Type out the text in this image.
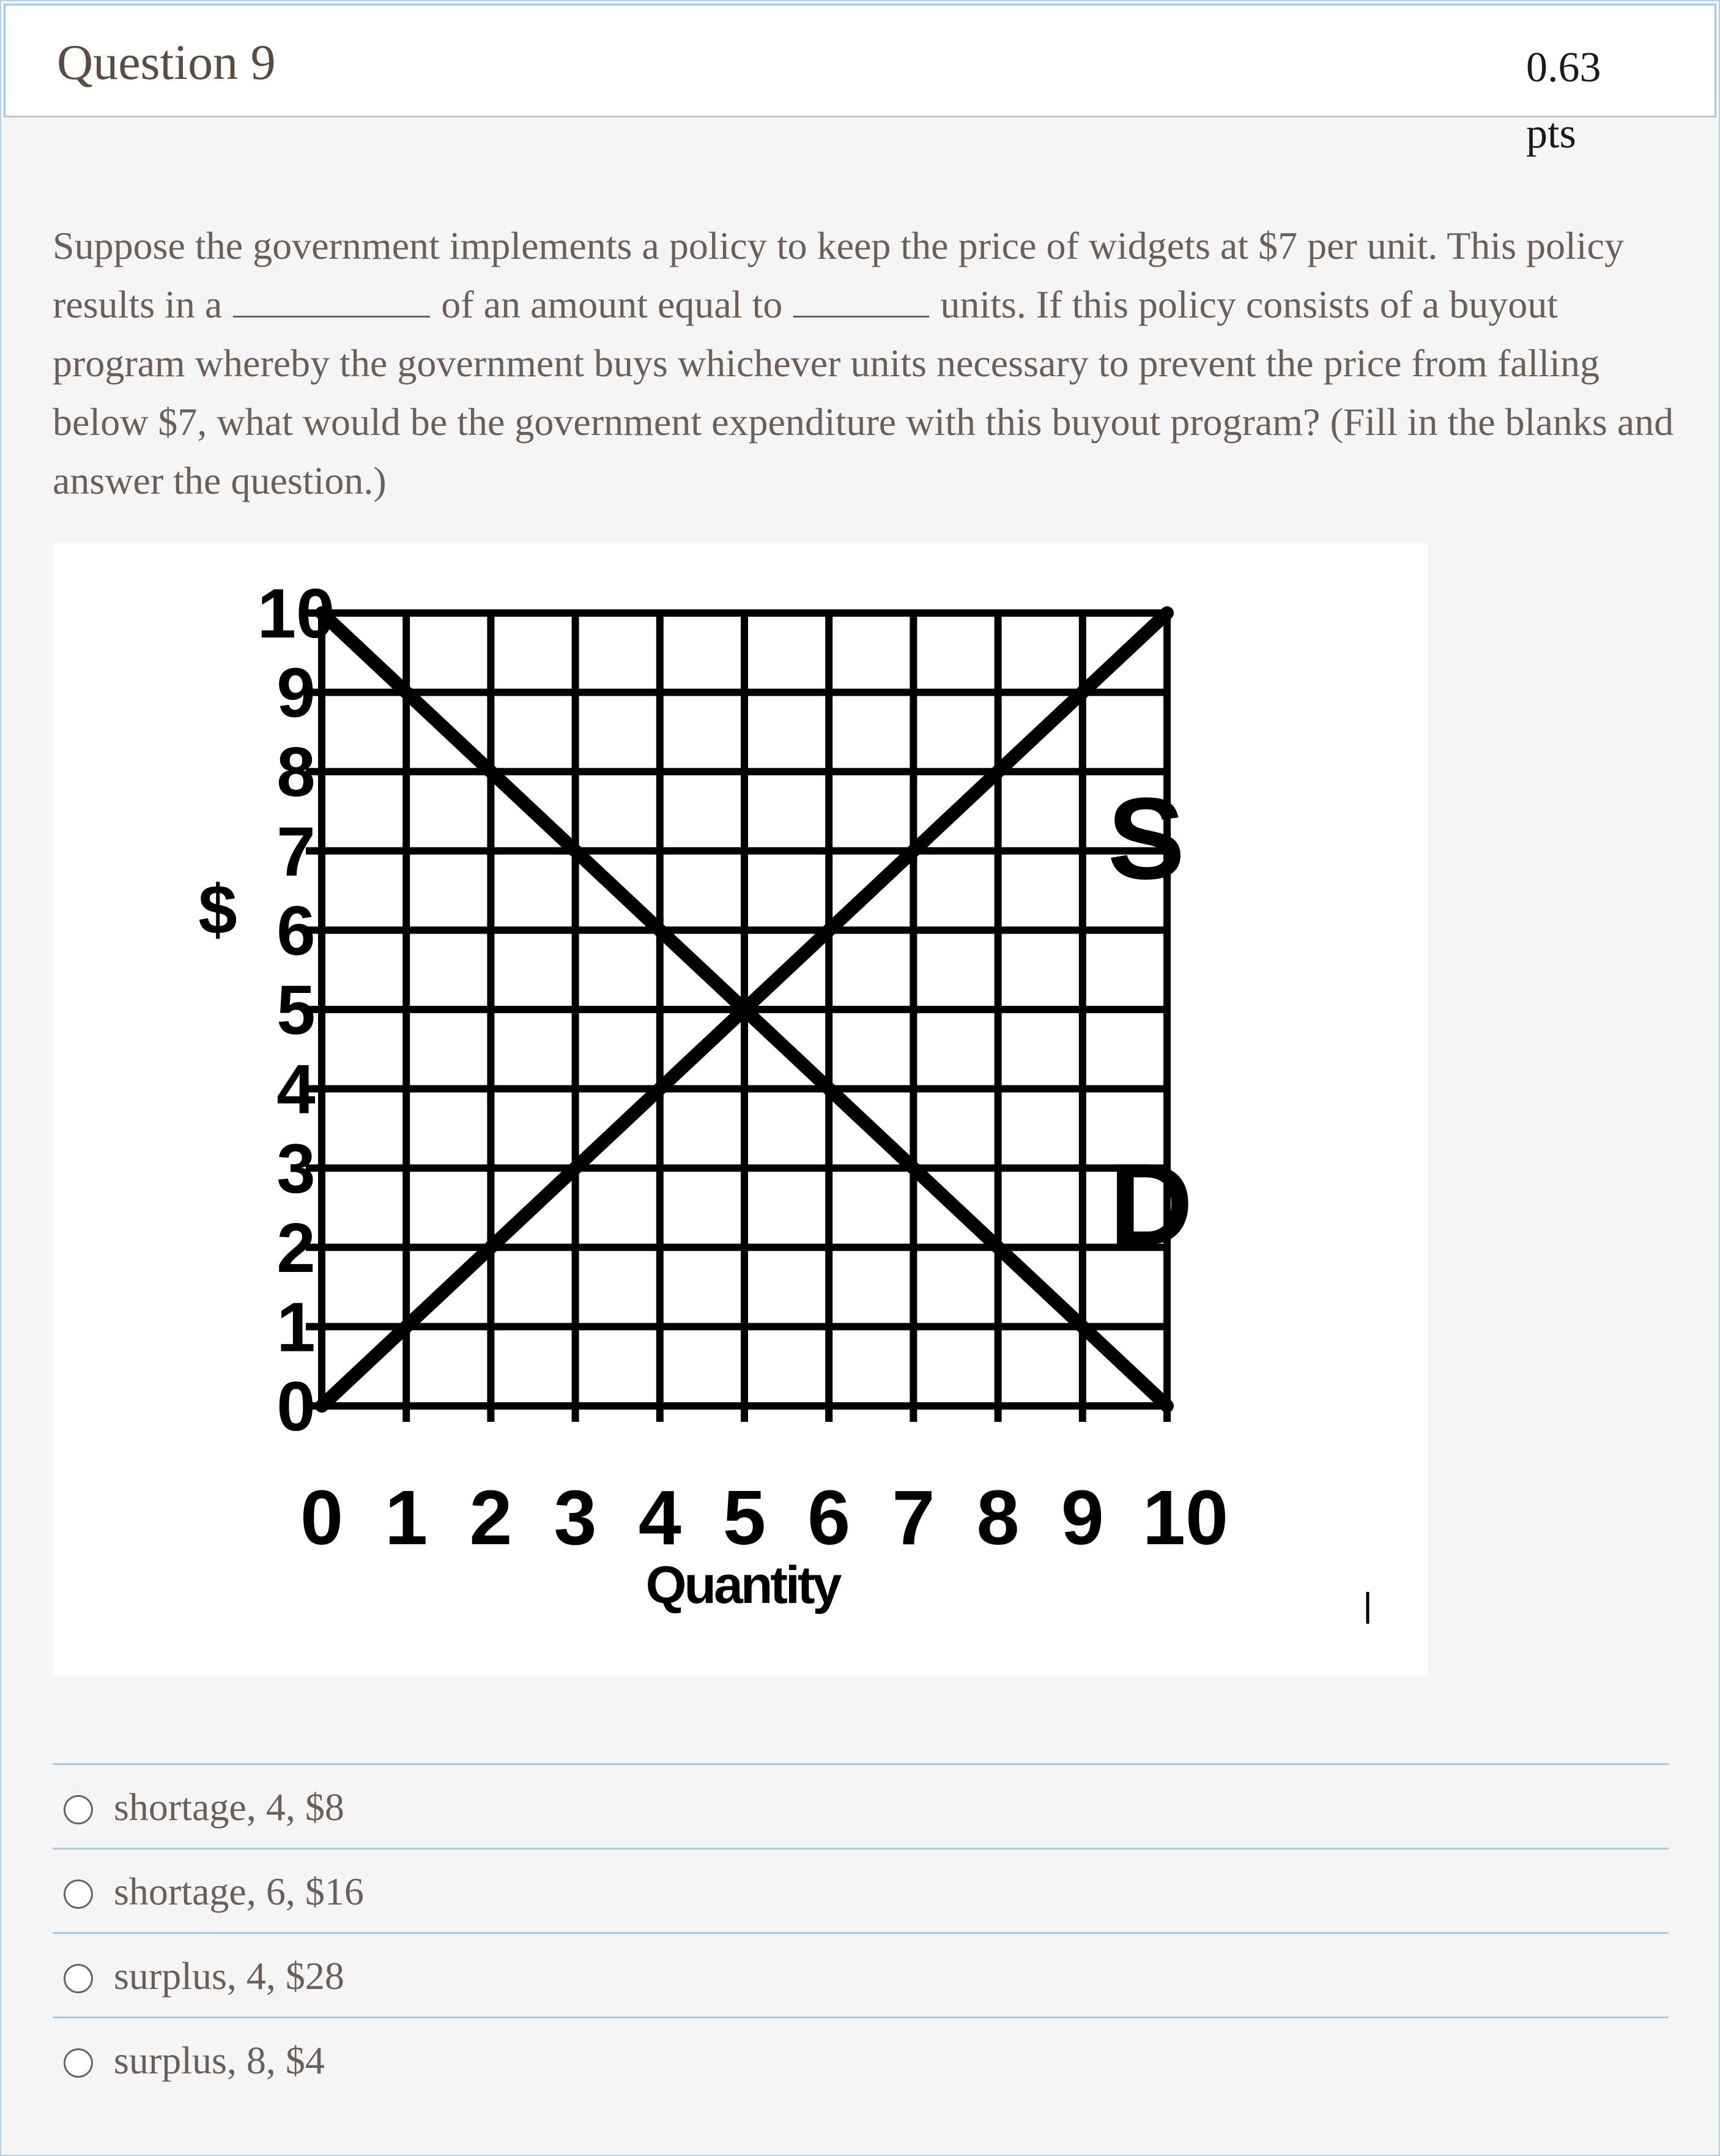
Question 9	0.63
pts
Suppose the government implements a policy to keep the price of widgets at $7 per unit. This policy results in a	of an amount equal to	units. If this policy consists of a buyout program whereby the government buys whichever units necessary to prevent the price from falling below $7, what would be the government expenditure with this buyout program? (Fill in the blanks and answer the question.)
S
D
0
1
2
3
4
5
6
7
8
9
10
$
0 1 2 3 4 5 6 7 8 9 10
Quantity
shortage, 4, $8
shortage, 6, $16
surplus, 4, $28
surplus, 8, $4
